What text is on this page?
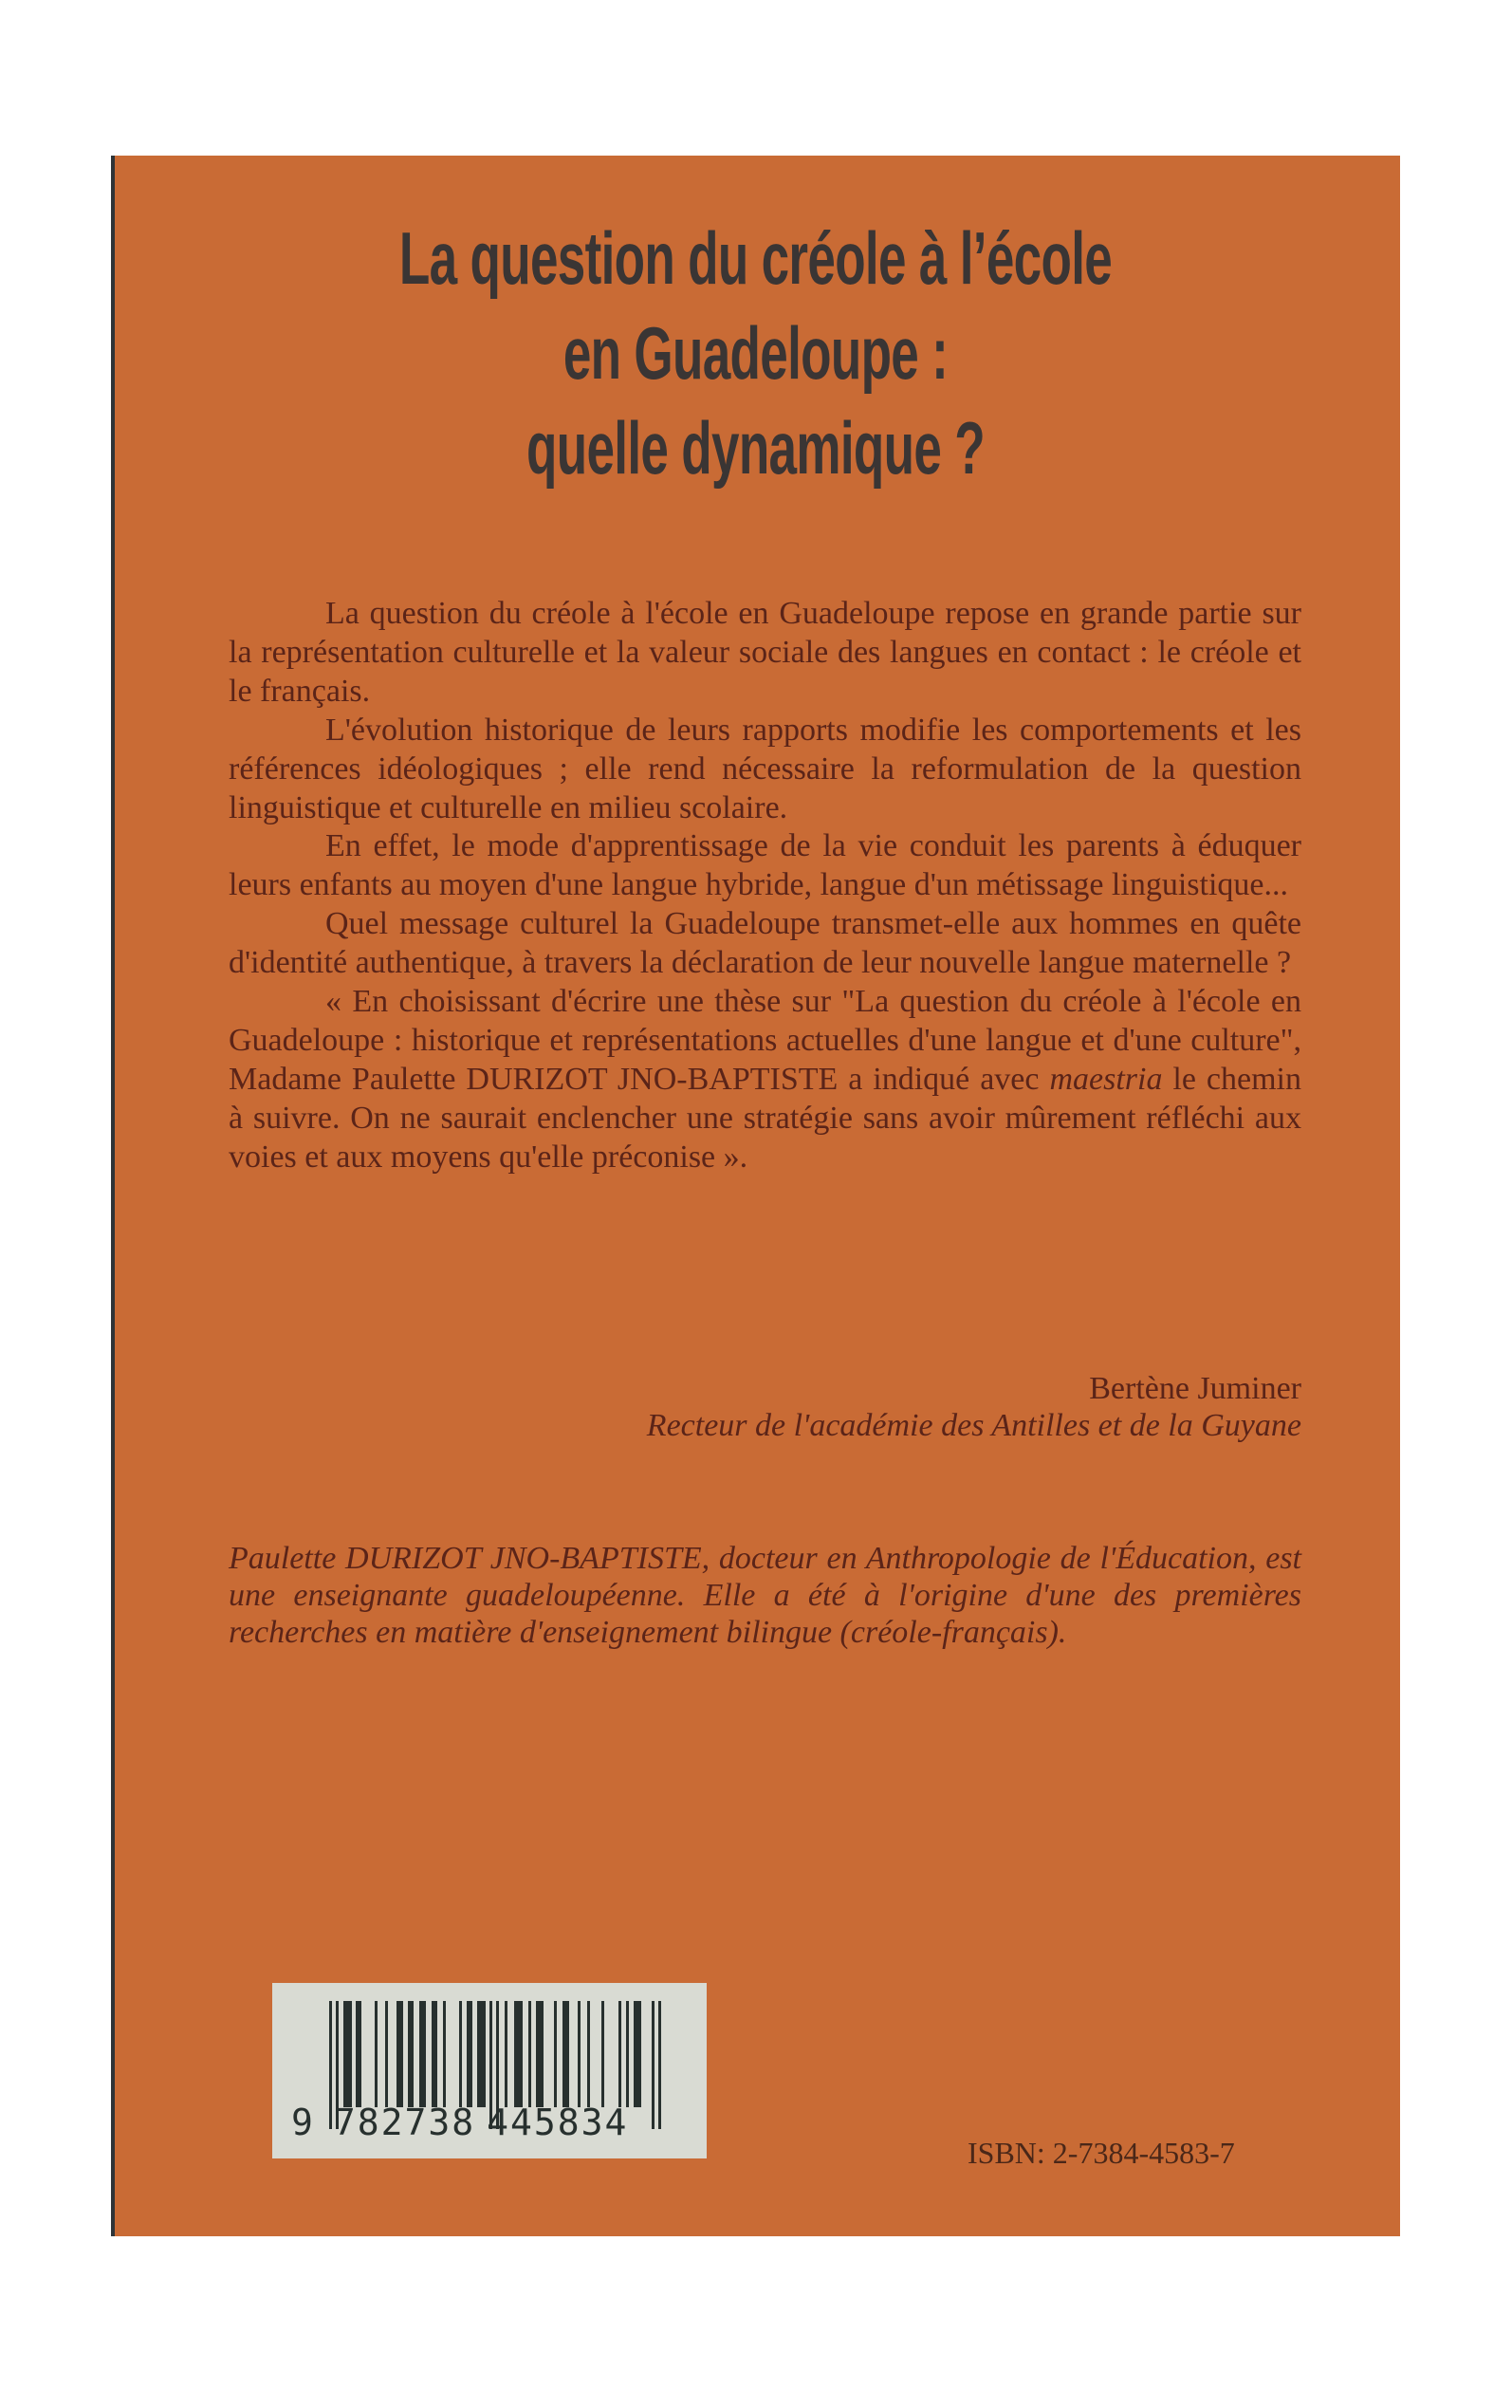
La question du créole à l’école
en Guadeloupe :
quelle dynamique ?

La question du créole à l'école en Guadeloupe repose en grande partie sur la représentation culturelle et la valeur sociale des langues en contact : le créole et le français.

L'évolution historique de leurs rapports modifie les comportements et les références idéologiques ; elle rend nécessaire la reformulation de la question linguistique et culturelle en milieu scolaire.

En effet, le mode d'apprentissage de la vie conduit les parents à éduquer leurs enfants au moyen d'une langue hybride, langue d'un métissage linguistique...

Quel message culturel la Guadeloupe transmet-elle aux hommes en quête d'identité authentique, à travers la déclaration de leur nouvelle langue maternelle ?

« En choisissant d'écrire une thèse sur "La question du créole à l'école en Guadeloupe : historique et représentations actuelles d'une langue et d'une culture", Madame Paulette DURIZOT JNO-BAPTISTE a indiqué avec maestria le chemin à suivre. On ne saurait enclencher une stratégie sans avoir mûrement réfléchi aux voies et aux moyens qu'elle préconise ».

Bertène Juminer
Recteur de l'académie des Antilles et de la Guyane

Paulette DURIZOT JNO-BAPTISTE, docteur en Anthropologie de l'Éducation, est une enseignante guadeloupéenne. Elle a été à l'origine d'une des premières recherches en matière d'enseignement bilingue (créole-français).

9 782738 445834
ISBN: 2-7384-4583-7
